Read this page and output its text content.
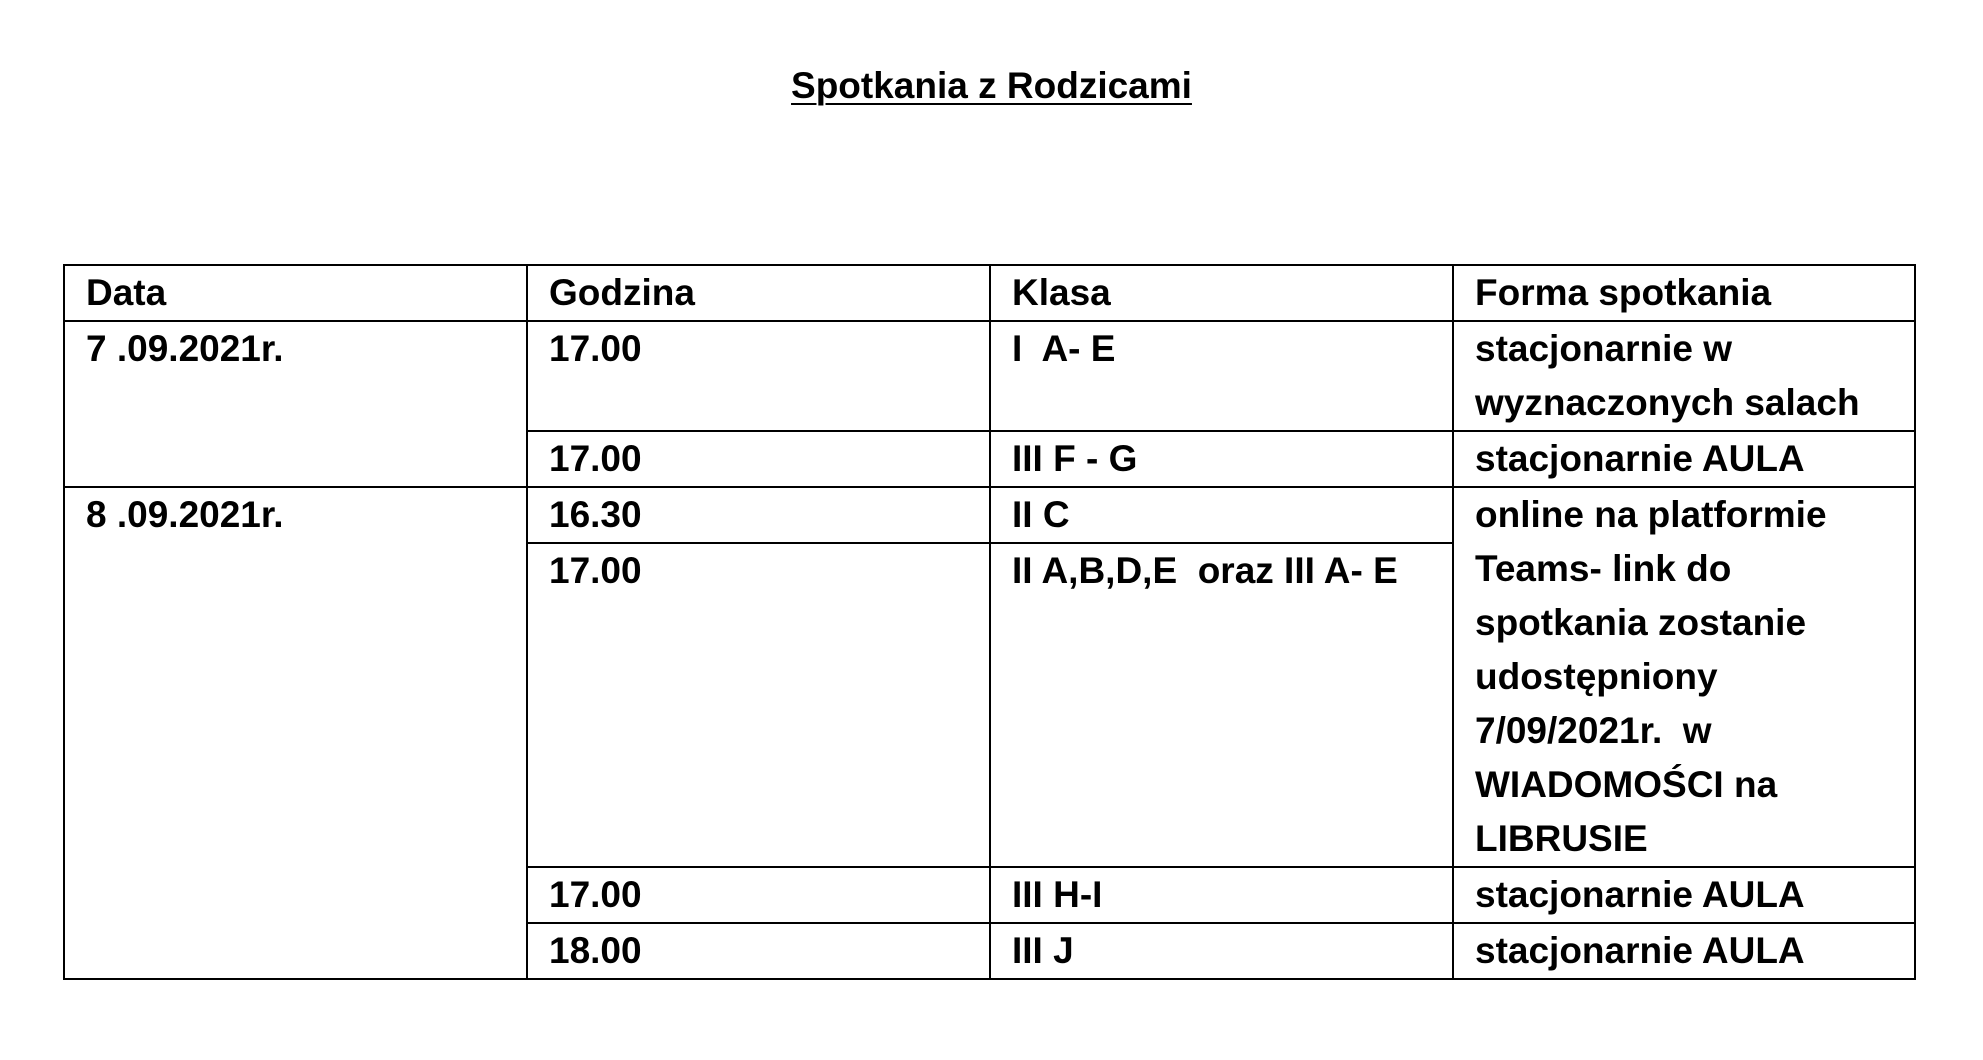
Spotkania z Rodzicami
Data	Godzina	Klasa	Forma spotkania
7 .09.2021r.	17.00	I  A- E	stacjonarnie w wyznaczonych salach
	17.00	III F - G	stacjonarnie AULA
8 .09.2021r.	16.30	II C	online na platformie Teams- link do spotkania zostanie udostępniony 7/09/2021r.  w WIADOMOŚCI na LIBRUSIE
	17.00	II A,B,D,E  oraz III A- E	
	17.00	III H-I	stacjonarnie AULA
	18.00	III J	stacjonarnie AULA
